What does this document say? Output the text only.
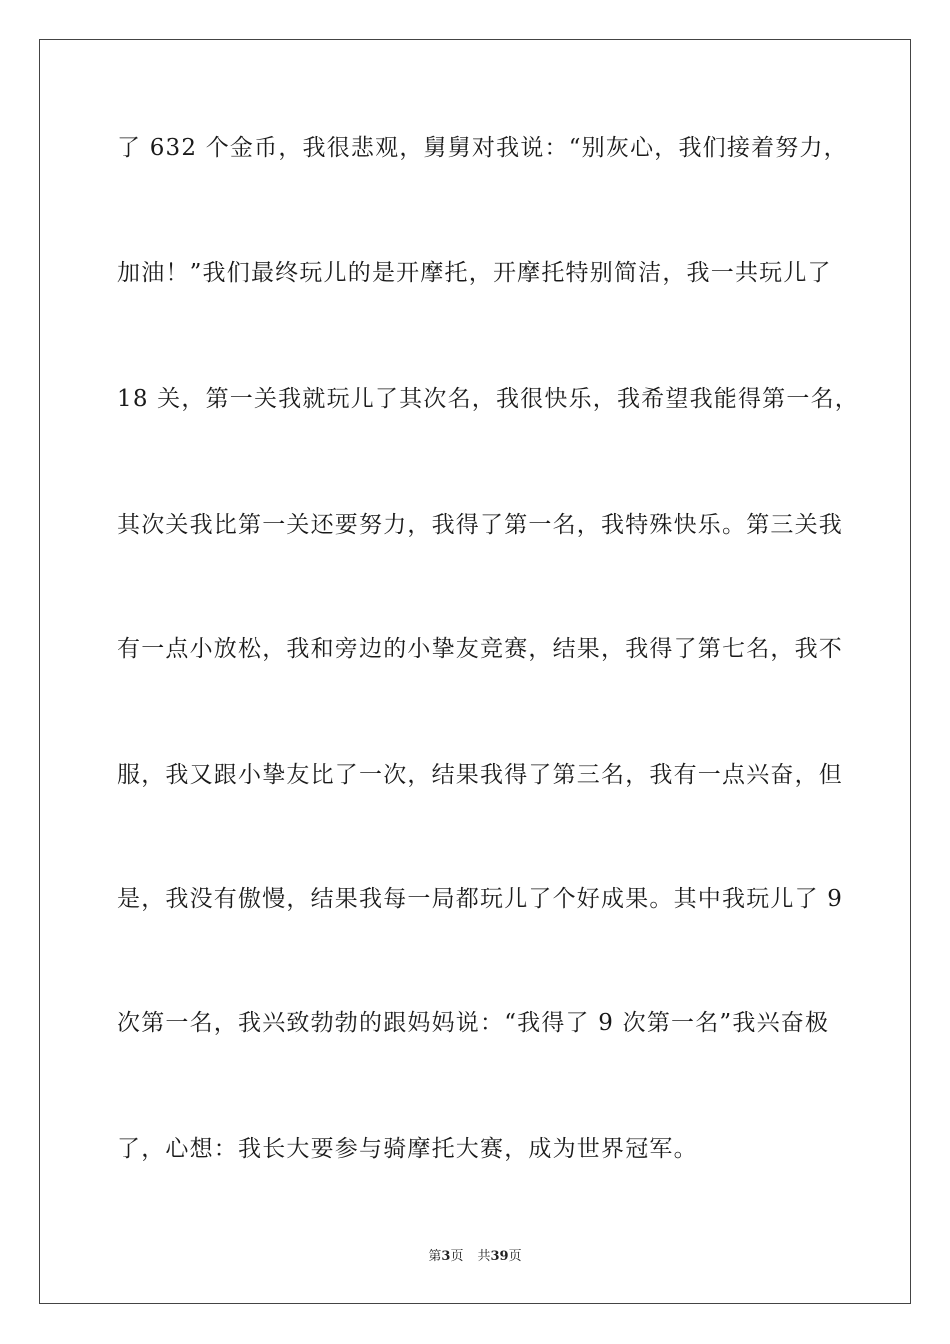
了 632 个金币，我很悲观，舅舅对我说：“别灰心，我们接着努力，
加油！”我们最终玩儿的是开摩托，开摩托特别简洁，我一共玩儿了
18 关，第一关我就玩儿了其次名，我很快乐，我希望我能得第一名，
其次关我比第一关还要努力，我得了第一名，我特殊快乐。第三关我
有一点小放松，我和旁边的小挚友竞赛，结果，我得了第七名，我不
服，我又跟小挚友比了一次，结果我得了第三名，我有一点兴奋，但
是，我没有傲慢，结果我每一局都玩儿了个好成果。其中我玩儿了 9
次第一名，我兴致勃勃的跟妈妈说：“我得了 9 次第一名”我兴奋极
了，心想：我长大要参与骑摩托大赛，成为世界冠军。
第3页 共39页
